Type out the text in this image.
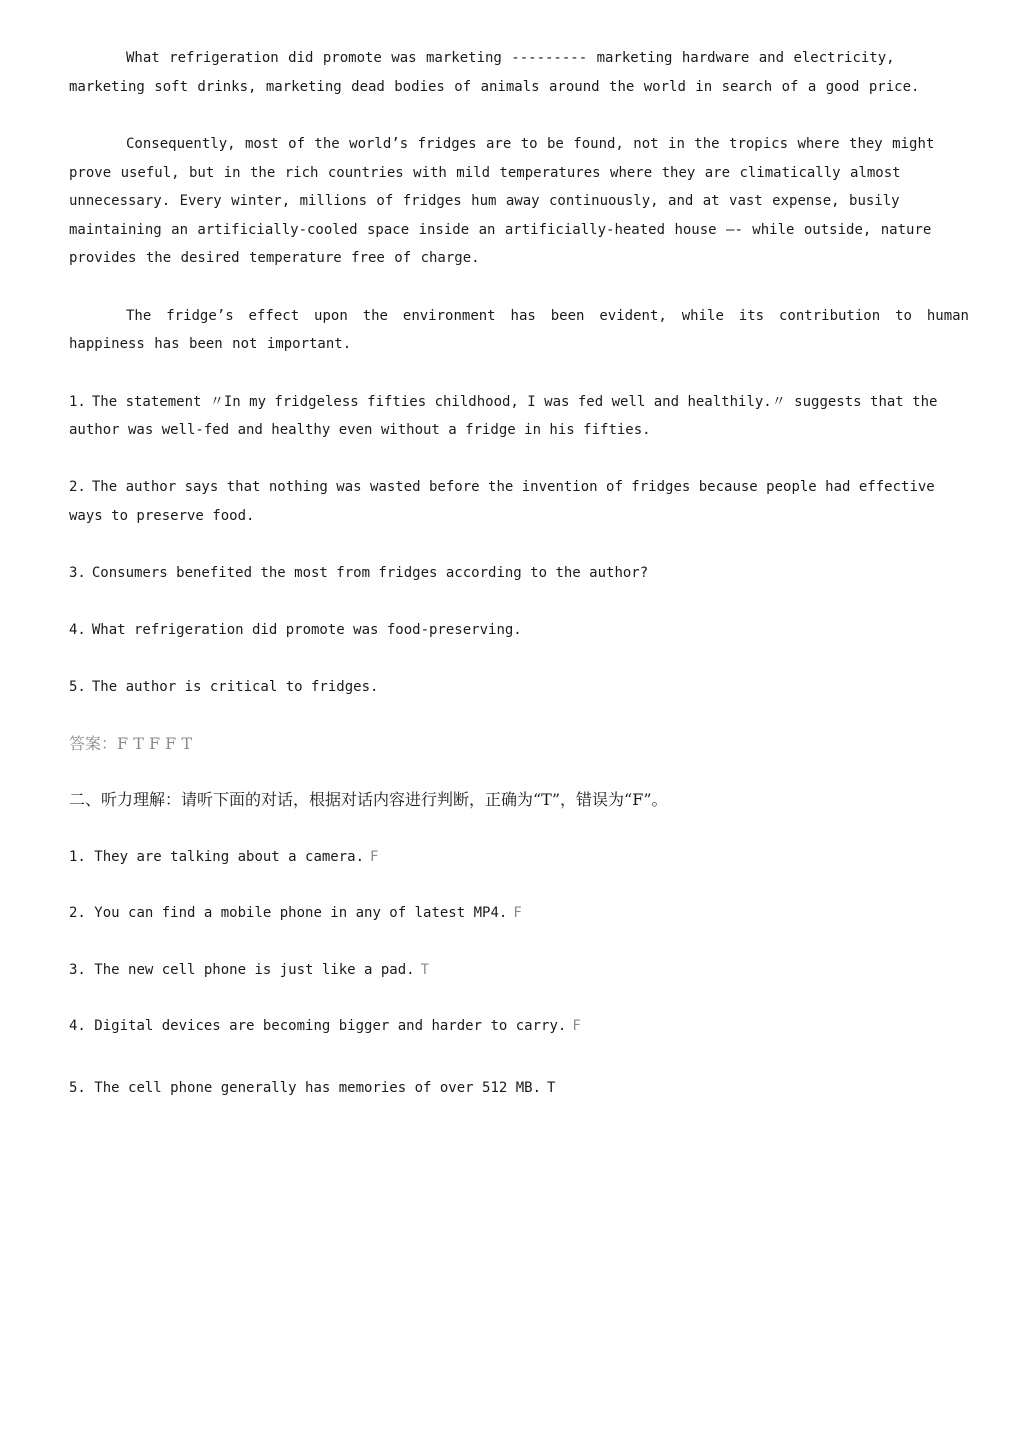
What refrigeration did promote was marketing --------- marketing hardware and electricity, marketing soft drinks, marketing dead bodies of animals around the world in search of a good price.

Consequently, most of the world’s fridges are to be found, not in the tropics where they might prove useful, but in the rich countries with mild temperatures where they are climatically almost unnecessary. Every winter, millions of fridges hum away continuously, and at vast expense, busily maintaining an artificially-cooled space inside an artificially-heated house —- while outside, nature provides the desired temperature free of charge.

The fridge’s effect upon the environment has been evident, while its contribution to human happiness has been not important.

1. The statement 〃In my fridgeless fifties childhood, I was fed well and healthily.〃 suggests that the author was well-fed and healthy even without a fridge in his fifties.

2. The author says that nothing was wasted before the invention of fridges because people had effective ways to preserve food.

3. Consumers benefited the most from fridges according to the author?

4. What refrigeration did promote was food-preserving.

5. The author is critical to fridges.

答案：F T F F T

二、听力理解：请听下面的对话，根据对话内容进行判断，正确为“T”，错误为“F”。

1. They are talking about a camera. F

2. You can find a mobile phone in any of latest MP4. F

3. The new cell phone is just like a pad. T

4. Digital devices are becoming bigger and harder to carry. F

5. The cell phone generally has memories of over 512 MB. T
